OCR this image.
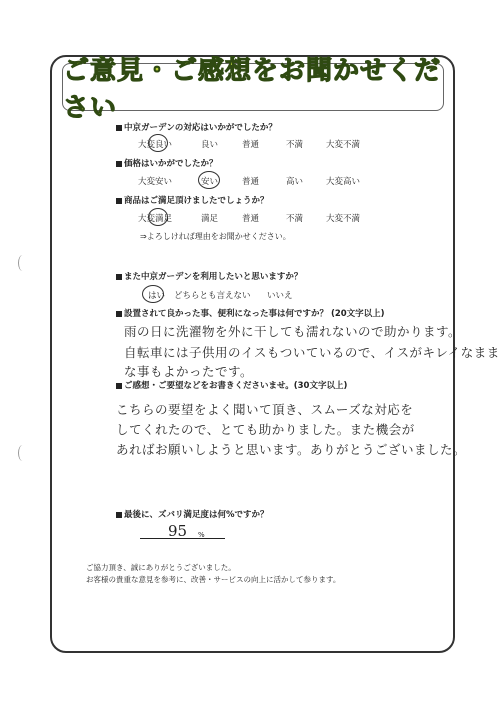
ご意見・ご感想をお聞かせください
中京ガーデンの対応はいかがでしたか？
大変良い	良い	普通	不満	大変不満
価格はいかがでしたか？
大変安い	安い	普通	高い	大変高い
商品はご満足頂けましたでしょうか？
大変満足	満足	普通	不満	大変不満
⇒よろしければ理由をお聞かせください。
また中京ガーデンを利用したいと思いますか？
はい どちらとも言えない いいえ
設置されて良かった事、便利になった事は何ですか？ (20文字以上)
雨の日に洗濯物を外に干しても濡れないので助かります。
自転車には子供用のイスもついているので、イスがキレイなまま
な事もよかったです。
ご感想・ご要望などをお書きくださいませ。(30文字以上)
こちらの要望をよく聞いて頂き、スムーズな対応を
してくれたので、とても助かりました。また機会が
あればお願いしようと思います。ありがとうございました。
最後に、ズバリ満足度は何%ですか？
95 %
ご協力頂き、誠にありがとうございました。
お客様の貴重な意見を参考に、改善・サービスの向上に活かして参ります。
